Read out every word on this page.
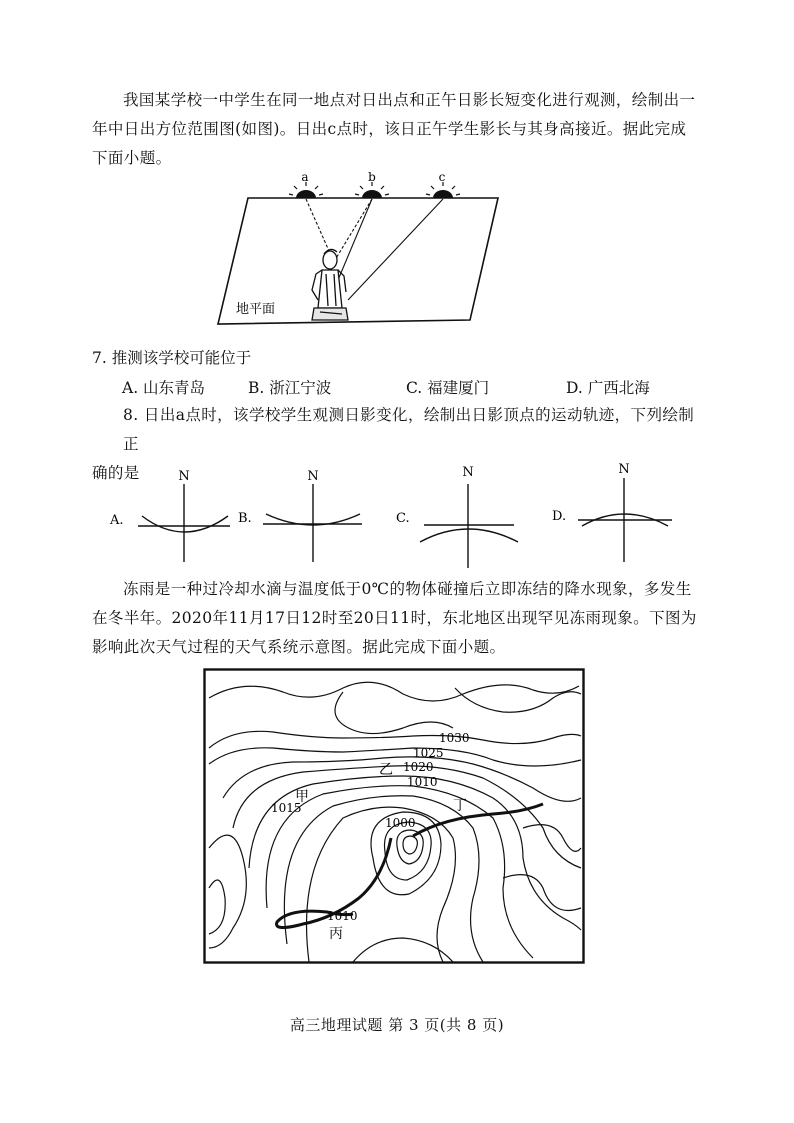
我国某学校一中学生在同一地点对日出点和正午日影长短变化进行观测，绘制出一
年中日出方位范围图(如图)。日出c点时，该日正午学生影长与其身高接近。据此完成
下面小题。
a	b	c
地平面
7. 推测该学校可能位于
A. 山东青岛	B. 浙江宁波	C. 福建厦门	D. 广西北海
8. 日出a点时，该学校学生观测日影变化，绘制出日影顶点的运动轨迹，下列绘制正
确的是	N	N	N	N
A.	B.	C.	D.
冻雨是一种过冷却水滴与温度低于0℃的物体碰撞后立即冻结的降水现象，多发生
在冬半年。2020年11月17日12时至20日11时，东北地区出现罕见冻雨现象。下图为
影响此次天气过程的天气系统示意图。据此完成下面小题。
1030
1025
1020
1010
1015
1000
1010
乙
甲
丁
丙
高三地理试题 第 3 页(共 8 页)
